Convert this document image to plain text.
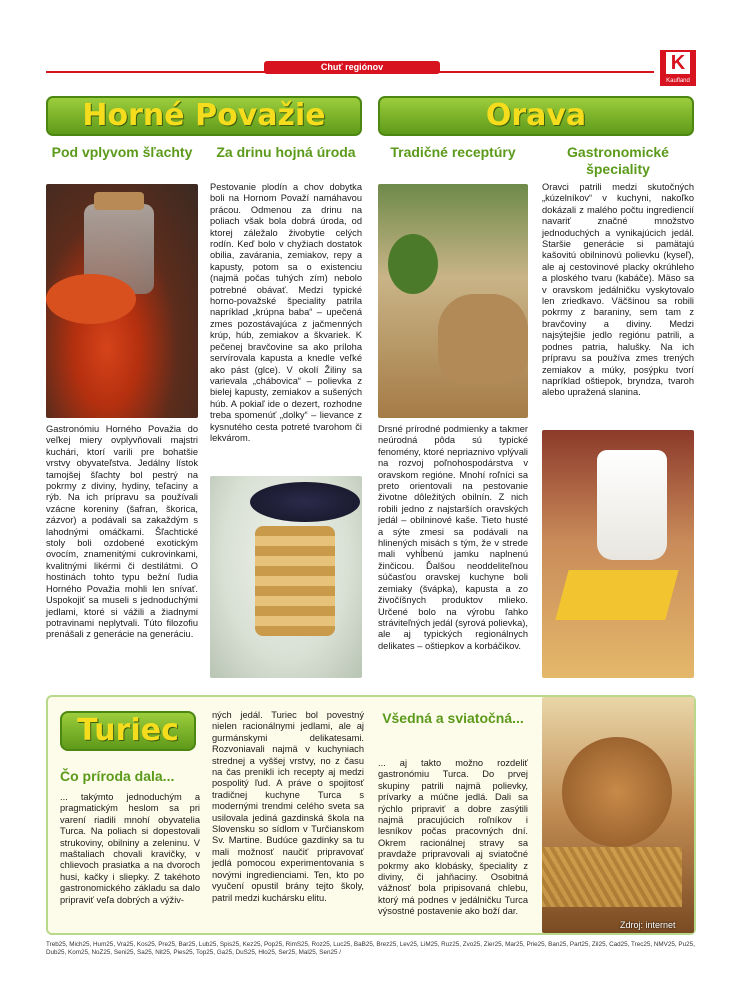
Chuť regiónov	K
Kaufland
Horné Považie
Pod vplyvom šľachty
Gastronómiu Horného Považia do veľkej miery ovplyvňovali majstri kuchári, ktorí varili pre bohatšie vrstvy obyvateľstva. Jedálny lístok tamojšej šľachty bol pestrý na pokrmy z diviny, hydiny, teľaciny a rýb. Na ich prípravu sa používali vzácne koreniny (šafran, škorica, zázvor) a podávali sa zakaždým s lahodnými omáčkami. Šľachtické stoly boli ozdobené exotickým ovocím, znamenitými cukrovinkami, kvalitnými likérmi či destilátmi. O hostinách tohto typu bežní ľudia Horného Považia mohli len snívať. Uspokojiť sa museli s jednoduchými jedlami, ktoré si vážili a žiadnymi potravinami neplytvali. Túto filozofiu prenášali z generácie na generáciu.
Za drinu hojná úroda
Pestovanie plodín a chov dobytka boli na Hornom Považí namáhavou prácou. Odmenou za drinu na poliach však bola dobrá úroda, od ktorej záležalo živobytie celých rodín. Keď bolo v chyžiach dostatok obilia, zavárania, zemiakov, repy a kapusty, potom sa o existenciu (najmä počas tuhých zím) nebolo potrebné obávať. Medzi typické horno-považské špeciality patrila napríklad „krúpna baba“ – upečená zmes pozostávajúca z jačmenných krúp, húb, zemiakov a škvariek. K pečenej bravčovine sa ako príloha servírovala kapusta a knedle veľké ako pást (glce). V okolí Žiliny sa varievala „chábovica“ – polievka z bielej kapusty, zemiakov a sušených húb. A pokiaľ ide o dezert, rozhodne treba spomenúť „dolky“ – lievance z kysnutého cesta potreté tvarohom či lekvárom.
Orava
Tradičné receptúry
Drsné prírodné podmienky a takmer neúrodná pôda sú typické fenomény, ktoré nepriaznivo vplývali na rozvoj poľnohospodárstva v oravskom regióne. Mnohí roľníci sa preto orientovali na pestovanie životne dôležitých obilnín. Z nich robili jedno z najstarších oravských jedál – obilninové kaše. Tieto husté a sýte zmesi sa podávali na hlinených misách s tým, že v strede mali vyhĺbenú jamku naplnenú žinčicou. Ďalšou neoddeliteľnou súčasťou oravskej kuchyne boli zemiaky (švápka), kapusta a zo živočíšnych produktov mlieko. Určené bolo na výrobu ľahko stráviteľných jedál (syrová polievka), ale aj typických regionálnych delikates – oštiepkov a korbáčikov.
Gastronomické špeciality
Oravci patrili medzi skutočných „kúzelníkov“ v kuchyni, nakoľko dokázali z malého počtu ingrediencií navariť značné množstvo jednoduchých a vynikajúcich jedál. Staršie generácie si pamätajú kašovitú obilninovú polievku (kyseľ), ale aj cestovinové placky okrúhleho a ploského tvaru (kabáče). Mäso sa v oravskom jedálničku vyskytovalo len zriedkavo. Väčšinou sa robili pokrmy z baraniny, sem tam z bravčoviny a diviny. Medzi najsýtejšie jedlo regiónu patrili, a podnes patria, halušky. Na ich prípravu sa používa zmes trených zemiakov a múky, posýpku tvorí napríklad oštiepok, bryndza, tvaroh alebo upražená slanina.
Turiec
Čo príroda dala...
... takýmto jednoduchým a pragmatickým heslom sa pri varení riadili mnohí obyvatelia Turca. Na poliach si dopestovali strukoviny, obilniny a zeleninu. V maštaliach chovali kravičky, v chlievoch prasiatka a na dvoroch husi, kačky i sliepky. Z takéhoto gastronomického základu sa dalo pripraviť veľa dobrých a výživ-
ných jedál. Turiec bol povestný nielen racionálnymi jedlami, ale aj gurmánskymi delikatesami. Rozvoniavali najmä v kuchyniach strednej a vyššej vrstvy, no z času na čas prenikli ich recepty aj medzi pospolitý ľud. A práve o spojitosť tradičnej kuchyne Turca s modernými trendmi celého sveta sa usilovala jediná gazdinská škola na Slovensku so sídlom v Turčianskom Sv. Martine. Budúce gazdinky sa tu mali možnosť naučiť pripravovať jedlá pomocou experimentovania s novými ingredienciami. Ten, kto po vyučení opustil brány tejto školy, patril medzi kuchársku elitu.
Všedná a sviatočná...
... aj takto možno rozdeliť gastronómiu Turca. Do prvej skupiny patrili najmä polievky, prívarky a múčne jedlá. Dali sa rýchlo pripraviť a dobre zasýtili najmä pracujúcich roľníkov i lesníkov počas pracovných dní. Okrem racionálnej stravy sa pravdaže pripravovali aj sviatočné pokrmy ako klobásky, špeciality z diviny, či jahňaciny. Osobitná vážnosť bola pripisovaná chlebu, ktorý má podnes v jedálničku Turca výsostné postavenie ako boží dar.
Zdroj: internet
Treb25, Mich25, Hum25, Vra25, Kos25, Pre25, Bar25, Lub25, Spis25, Kez25, Pop25, RimS25, Roz25, Luc25, BaB25, Brez25, Lev25, LiM25, Ruz25, Zvo25, Zier25, Mar25, Prie25, Ban25, Part25, Zil25, Cad25, Trec25, NMV25, Pu25, Dub25, Kom25, NoZ25, Seni25, Sa25, Nit25, Pies25, Top25, Ga25, DuS25, Hlo25, Ser25, Mal25, Sen25 /
